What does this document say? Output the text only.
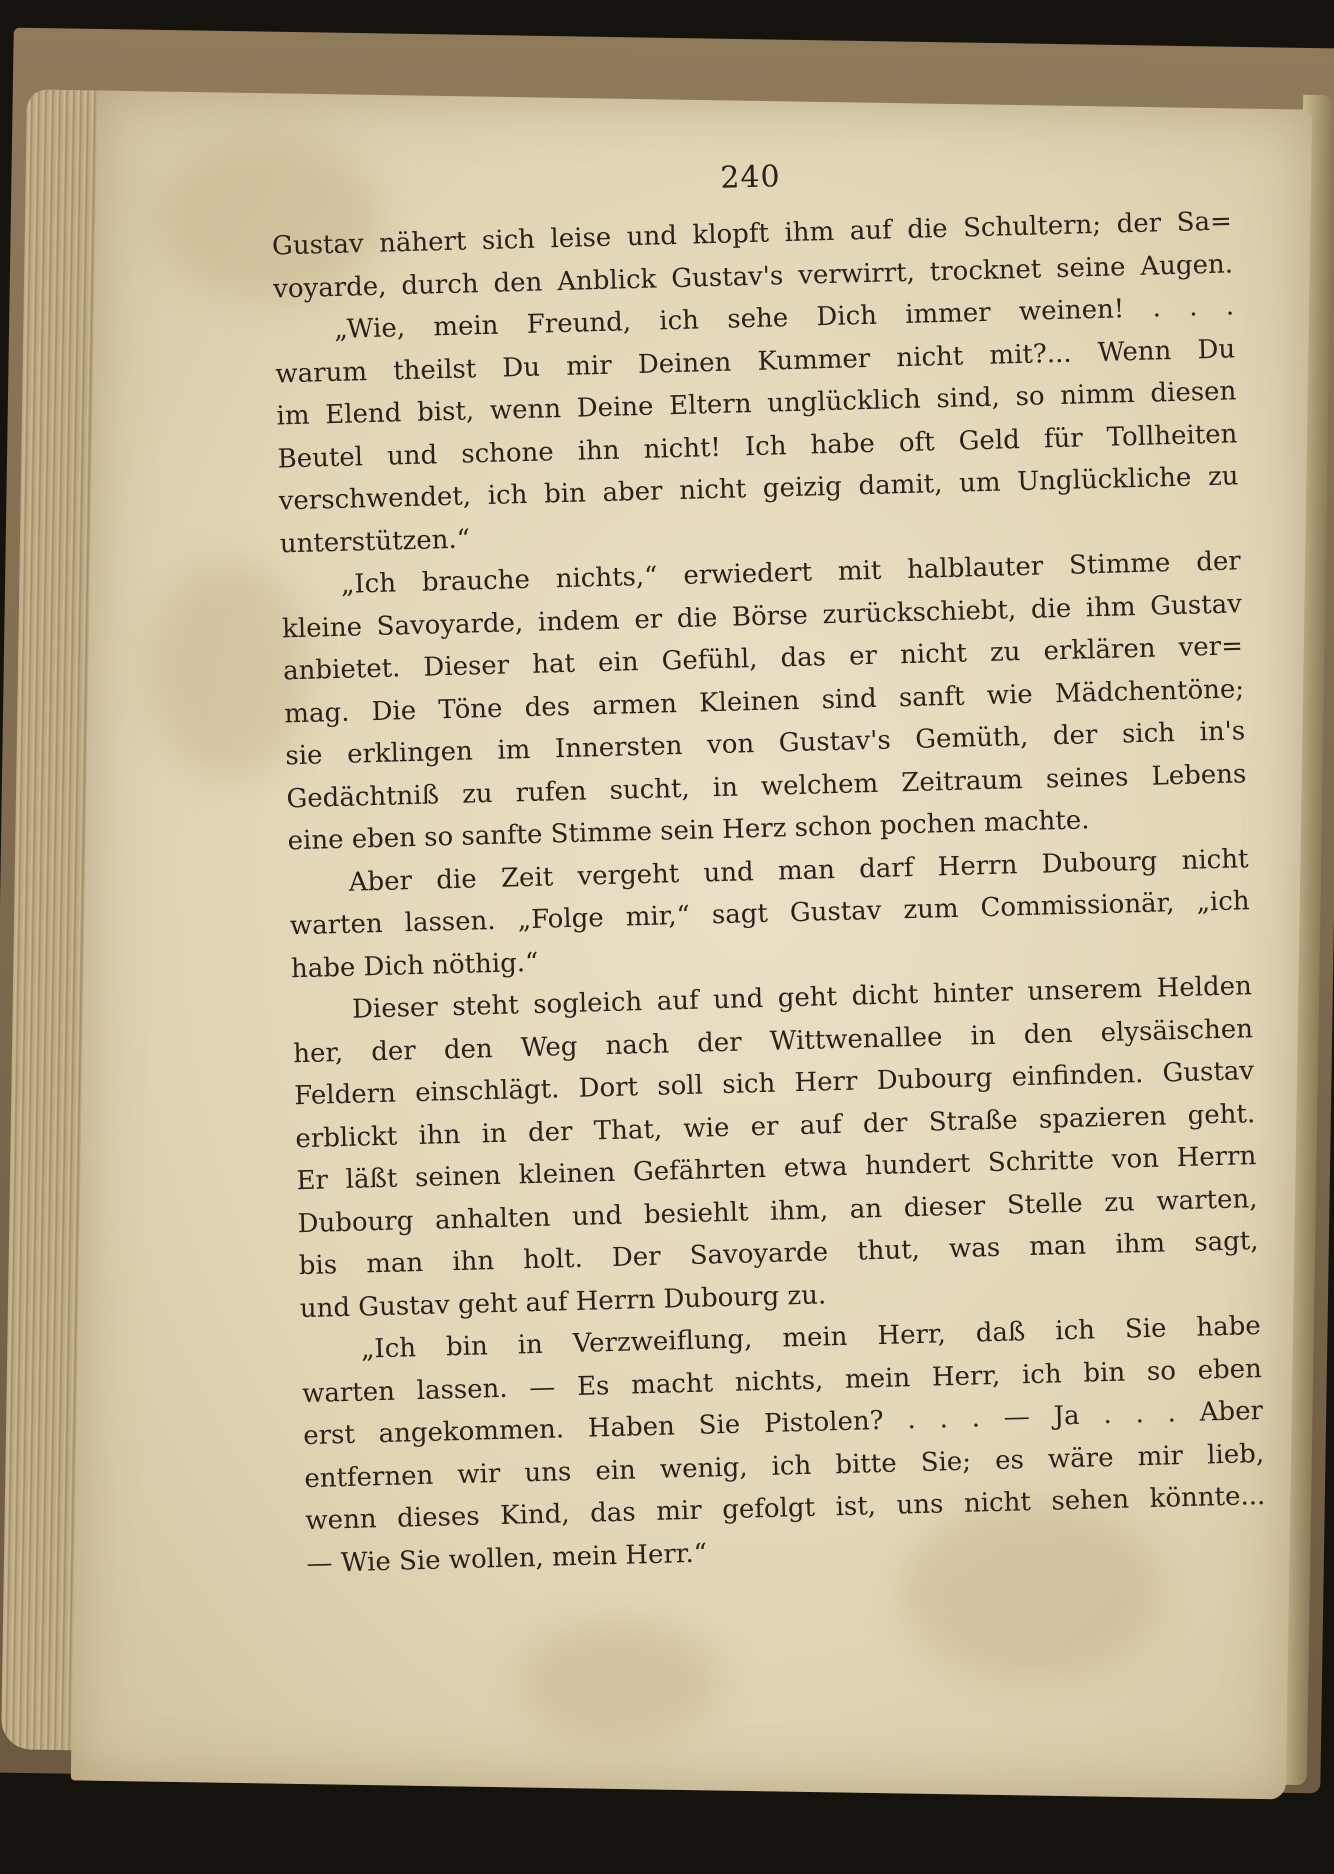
240
Gustav nähert sich leise und klopft ihm auf die Schultern; der Sa=
voyarde, durch den Anblick Gustav's verwirrt, trocknet seine Augen.
„Wie, mein Freund, ich sehe Dich immer weinen! . . .
warum theilst Du mir Deinen Kummer nicht mit?... Wenn Du
im Elend bist, wenn Deine Eltern unglücklich sind, so nimm diesen
Beutel und schone ihn nicht! Ich habe oft Geld für Tollheiten
verschwendet, ich bin aber nicht geizig damit, um Unglückliche zu
unterstützen.“
„Ich brauche nichts,“ erwiedert mit halblauter Stimme der
kleine Savoyarde, indem er die Börse zurückschiebt, die ihm Gustav
anbietet. Dieser hat ein Gefühl, das er nicht zu erklären ver=
mag. Die Töne des armen Kleinen sind sanft wie Mädchentöne;
sie erklingen im Innersten von Gustav's Gemüth, der sich in's
Gedächtniß zu rufen sucht, in welchem Zeitraum seines Lebens
eine eben so sanfte Stimme sein Herz schon pochen machte.
Aber die Zeit vergeht und man darf Herrn Dubourg nicht
warten lassen. „Folge mir,“ sagt Gustav zum Commissionär, „ich
habe Dich nöthig.“
Dieser steht sogleich auf und geht dicht hinter unserem Helden
her, der den Weg nach der Wittwenallee in den elysäischen
Feldern einschlägt. Dort soll sich Herr Dubourg einfinden. Gustav
erblickt ihn in der That, wie er auf der Straße spazieren geht.
Er läßt seinen kleinen Gefährten etwa hundert Schritte von Herrn
Dubourg anhalten und besiehlt ihm, an dieser Stelle zu warten,
bis man ihn holt. Der Savoyarde thut, was man ihm sagt,
und Gustav geht auf Herrn Dubourg zu.
„Ich bin in Verzweiflung, mein Herr, daß ich Sie habe
warten lassen. — Es macht nichts, mein Herr, ich bin so eben
erst angekommen. Haben Sie Pistolen? . . . — Ja . . . Aber
entfernen wir uns ein wenig, ich bitte Sie; es wäre mir lieb,
wenn dieses Kind, das mir gefolgt ist, uns nicht sehen könnte...
— Wie Sie wollen, mein Herr.“
